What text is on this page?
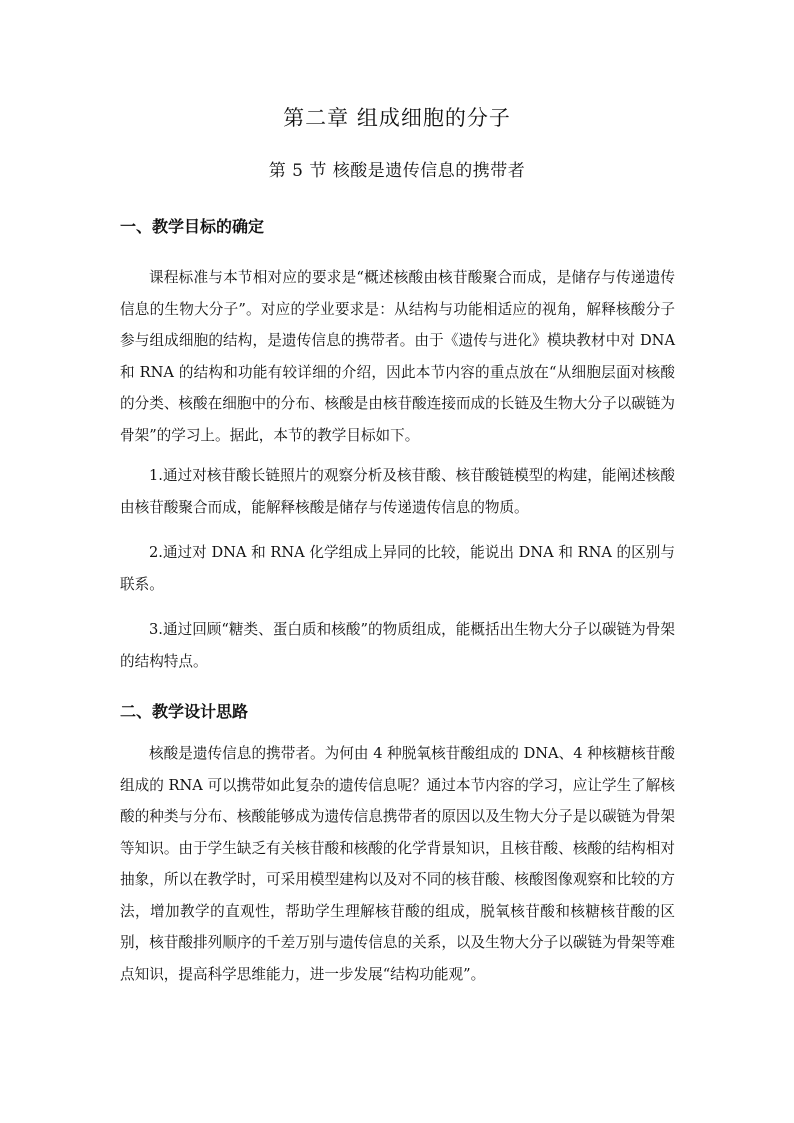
第二章 组成细胞的分子
第 5 节 核酸是遗传信息的携带者
一、教学目标的确定

课程标准与本节相对应的要求是“概述核酸由核苷酸聚合而成，是储存与传递遗传信息的生物大分子”。对应的学业要求是：从结构与功能相适应的视角，解释核酸分子参与组成细胞的结构，是遗传信息的携带者。由于《遗传与进化》模块教材中对 DNA 和 RNA 的结构和功能有较详细的介绍，因此本节内容的重点放在“从细胞层面对核酸的分类、核酸在细胞中的分布、核酸是由核苷酸连接而成的长链及生物大分子以碳链为骨架”的学习上。据此，本节的教学目标如下。

1.通过对核苷酸长链照片的观察分析及核苷酸、核苷酸链模型的构建，能阐述核酸由核苷酸聚合而成，能解释核酸是储存与传递遗传信息的物质。

2.通过对 DNA 和 RNA 化学组成上异同的比较，能说出 DNA 和 RNA 的区别与联系。

3.通过回顾“糖类、蛋白质和核酸”的物质组成，能概括出生物大分子以碳链为骨架的结构特点。

二、教学设计思路

核酸是遗传信息的携带者。为何由 4 种脱氧核苷酸组成的 DNA、4 种核糖核苷酸组成的 RNA 可以携带如此复杂的遗传信息呢？通过本节内容的学习，应让学生了解核酸的种类与分布、核酸能够成为遗传信息携带者的原因以及生物大分子是以碳链为骨架等知识。由于学生缺乏有关核苷酸和核酸的化学背景知识，且核苷酸、核酸的结构相对抽象，所以在教学时，可采用模型建构以及对不同的核苷酸、核酸图像观察和比较的方法，增加教学的直观性，帮助学生理解核苷酸的组成，脱氧核苷酸和核糖核苷酸的区别，核苷酸排列顺序的千差万别与遗传信息的关系，以及生物大分子以碳链为骨架等难点知识，提高科学思维能力，进一步发展“结构功能观”。
